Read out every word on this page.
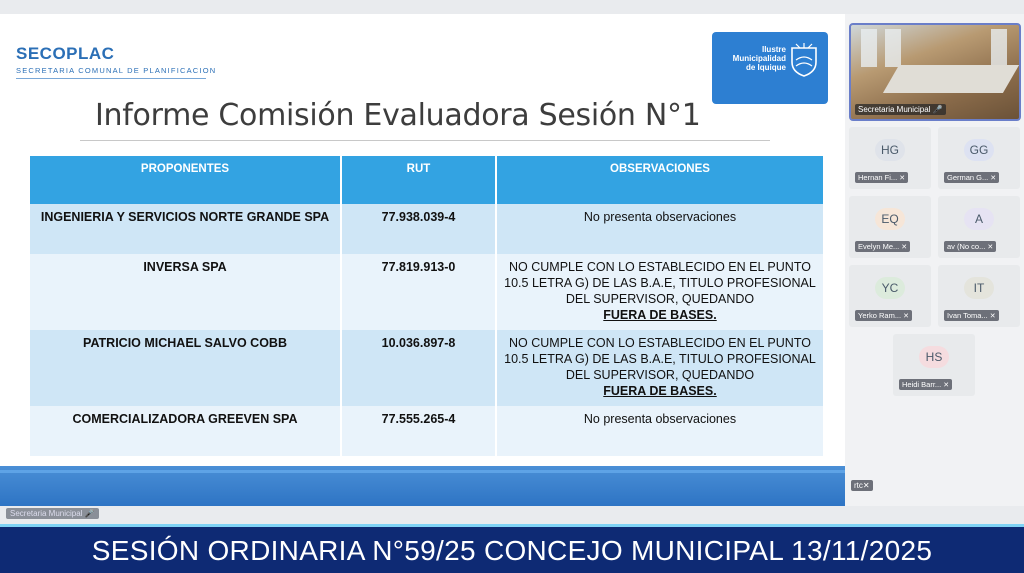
SECOPLAC
SECRETARIA COMUNAL DE PLANIFICACION
Ilustre
Municipalidad
de Iquique
Informe Comisión Evaluadora Sesión N°1
PROPONENTES	RUT	OBSERVACIONES
INGENIERIA Y SERVICIOS NORTE GRANDE SPA	77.938.039-4	No presenta observaciones
INVERSA SPA	77.819.913-0	NO CUMPLE CON LO ESTABLECIDO EN EL PUNTO 10.5 LETRA G) DE LAS B.A.E, TITULO PROFESIONAL DEL SUPERVISOR, QUEDANDO
FUERA DE BASES.
PATRICIO MICHAEL SALVO COBB	10.036.897-8	NO CUMPLE CON LO ESTABLECIDO EN EL PUNTO 10.5 LETRA G) DE LAS B.A.E, TITULO PROFESIONAL DEL SUPERVISOR, QUEDANDO
FUERA DE BASES.
COMERCIALIZADORA GREEVEN SPA	77.555.265-4	No presenta observaciones
Secretaria Municipal 🎤
HG
Hernan Fi... ✕
GG
German G... ✕
EQ
Evelyn Me... ✕
A
av (No co... ✕
YC
Yerko Ram... ✕
IT
Ivan Toma... ✕
HS
Heidi Barr... ✕
rtc✕
Secretaria Municipal 🎤
SESIÓN ORDINARIA N°59/25 CONCEJO MUNICIPAL 13/11/2025
